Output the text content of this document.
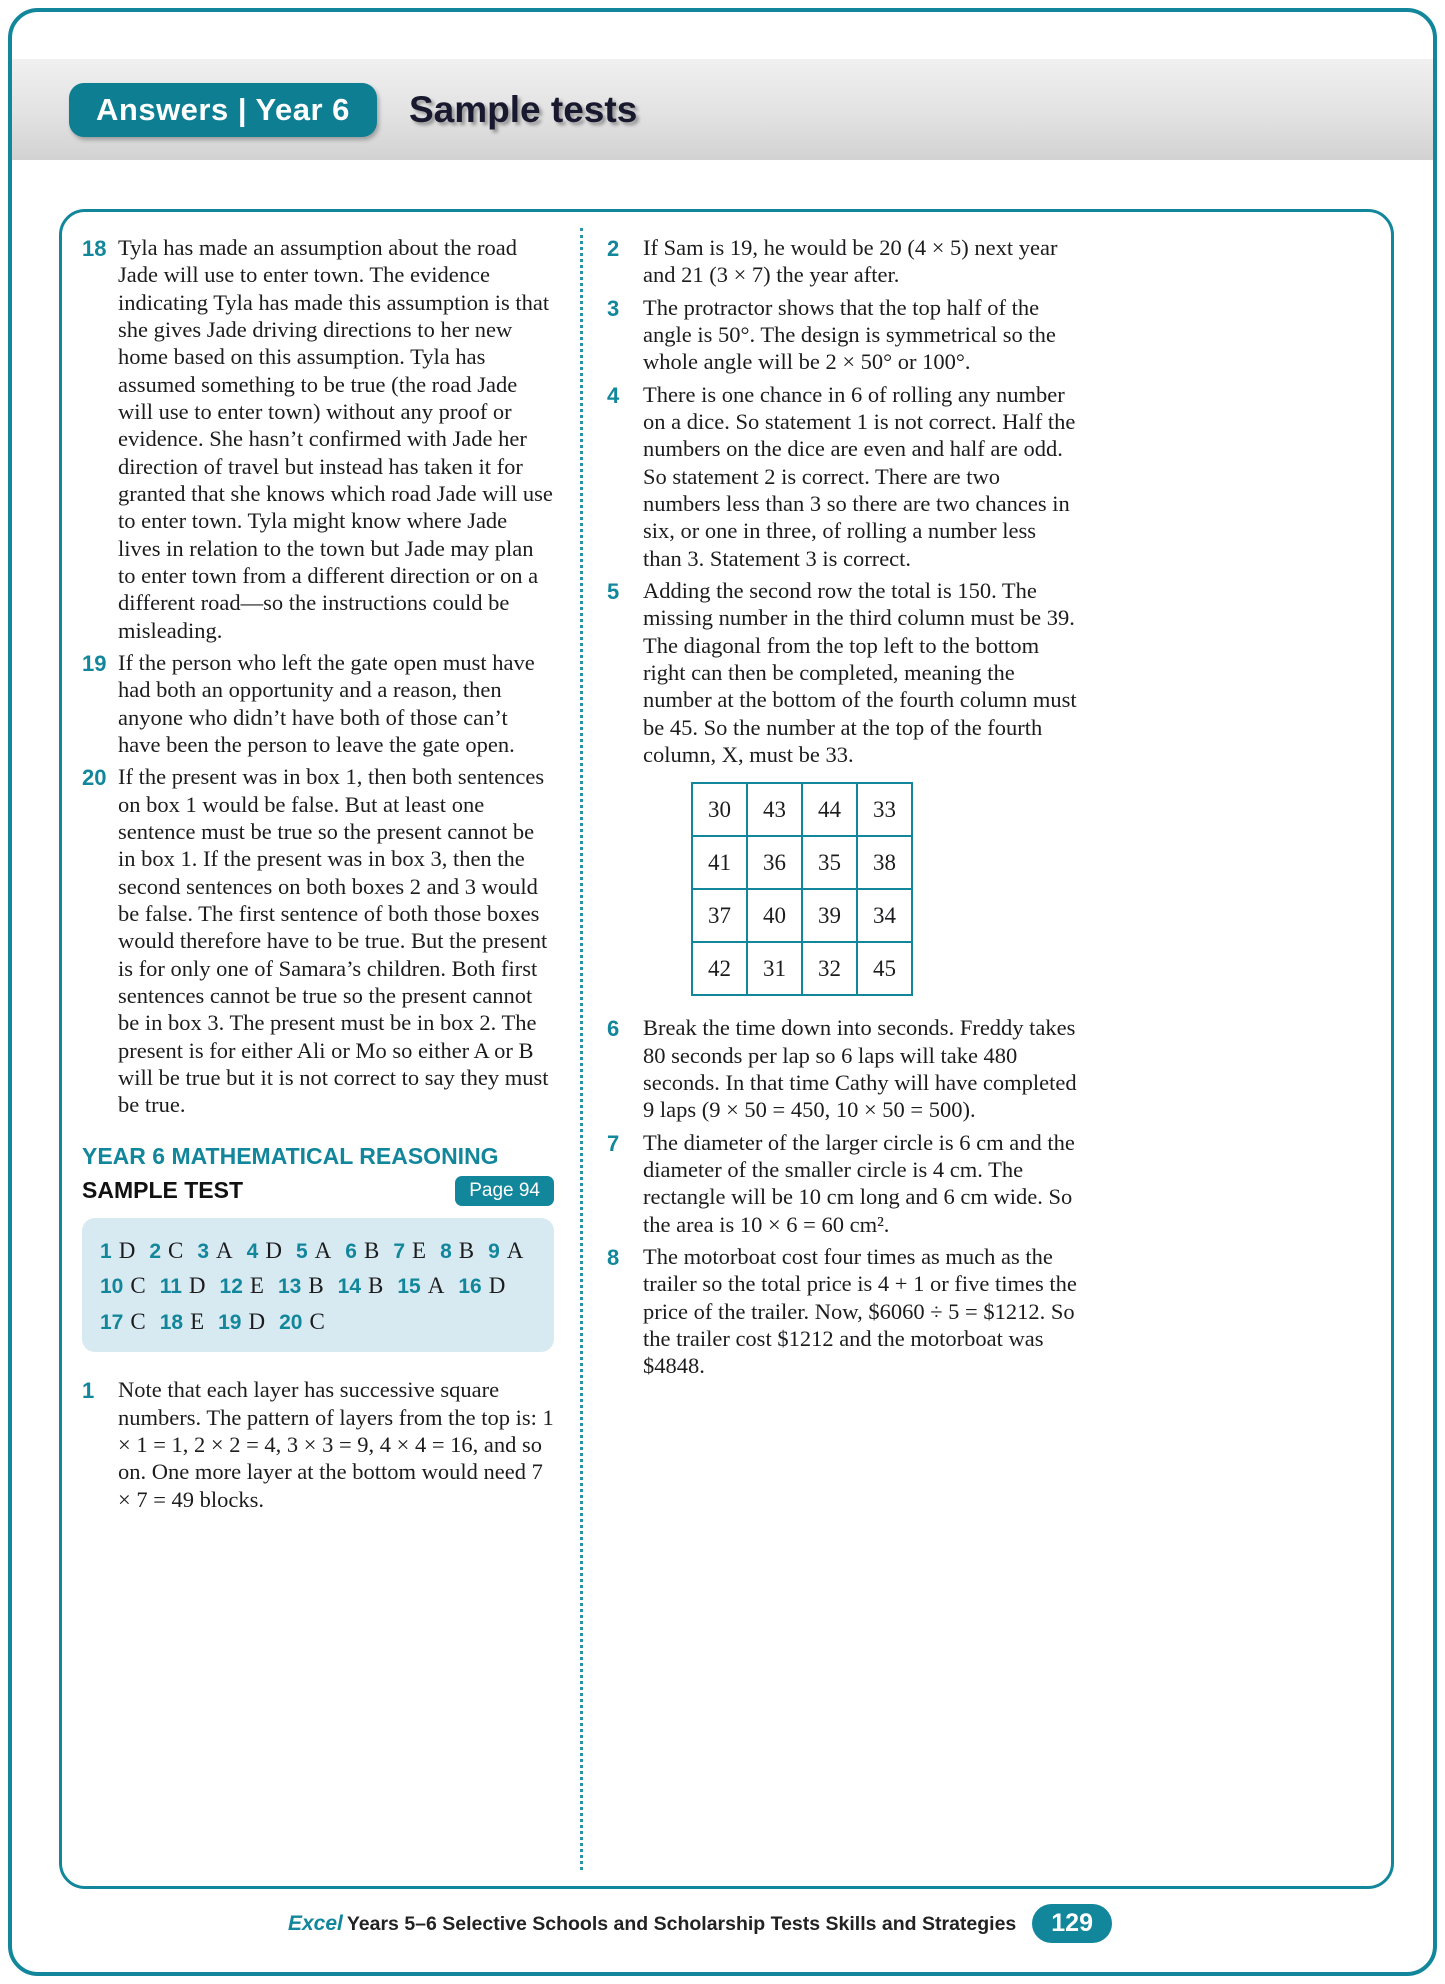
Answers | Year 6	Sample tests
18 Tyla has made an assumption about the road Jade will use to enter town. The evidence indicating Tyla has made this assumption is that she gives Jade driving directions to her new home based on this assumption. Tyla has assumed something to be true (the road Jade will use to enter town) without any proof or evidence. She hasn’t confirmed with Jade her direction of travel but instead has taken it for granted that she knows which road Jade will use to enter town. Tyla might know where Jade lives in relation to the town but Jade may plan to enter town from a different direction or on a different road—so the instructions could be misleading.
19 If the person who left the gate open must have had both an opportunity and a reason, then anyone who didn’t have both of those can’t have been the person to leave the gate open.
20 If the present was in box 1, then both sentences on box 1 would be false. But at least one sentence must be true so the present cannot be in box 1. If the present was in box 3, then the second sentences on both boxes 2 and 3 would be false. The first sentence of both those boxes would therefore have to be true. But the present is for only one of Samara’s children. Both first sentences cannot be true so the present cannot be in box 3. The present must be in box 2. The present is for either Ali or Mo so either A or B will be true but it is not correct to say they must be true.
YEAR 6 MATHEMATICAL REASONING
SAMPLE TEST	Page 94
1 D 2 C 3 A 4 D 5 A 6 B 7 E 8 B 9 A 10 C 11 D 12 E 13 B 14 B 15 A 16 D 17 C 18 E 19 D 20 C
1	Note that each layer has successive square numbers. The pattern of layers from the top is: 1 × 1 = 1, 2 × 2 = 4, 3 × 3 = 9, 4 × 4 = 16, and so on. One more layer at the bottom would need 7 × 7 = 49 blocks.
2	If Sam is 19, he would be 20 (4 × 5) next year and 21 (3 × 7) the year after.
3	The protractor shows that the top half of the angle is 50°. The design is symmetrical so the whole angle will be 2 × 50° or 100°.
4	There is one chance in 6 of rolling any number on a dice. So statement 1 is not correct. Half the numbers on the dice are even and half are odd. So statement 2 is correct. There are two numbers less than 3 so there are two chances in six, or one in three, of rolling a number less than 3. Statement 3 is correct.
5	Adding the second row the total is 150. The missing number in the third column must be 39. The diagonal from the top left to the bottom right can then be completed, meaning the number at the bottom of the fourth column must be 45. So the number at the top of the fourth column, X, must be 33.
30	43	44	33
41	36	35	38
37	40	39	34
42	31	32	45
6	Break the time down into seconds. Freddy takes 80 seconds per lap so 6 laps will take 480 seconds. In that time Cathy will have completed 9 laps (9 × 50 = 450, 10 × 50 = 500).
7	The diameter of the larger circle is 6 cm and the diameter of the smaller circle is 4 cm. The rectangle will be 10 cm long and 6 cm wide. So the area is 10 × 6 = 60 cm².
8	The motorboat cost four times as much as the trailer so the total price is 4 + 1 or five times the price of the trailer. Now, $6060 ÷ 5 = $1212. So the trailer cost $1212 and the motorboat was $4848.
Excel Years 5–6 Selective Schools and Scholarship Tests Skills and Strategies	129
